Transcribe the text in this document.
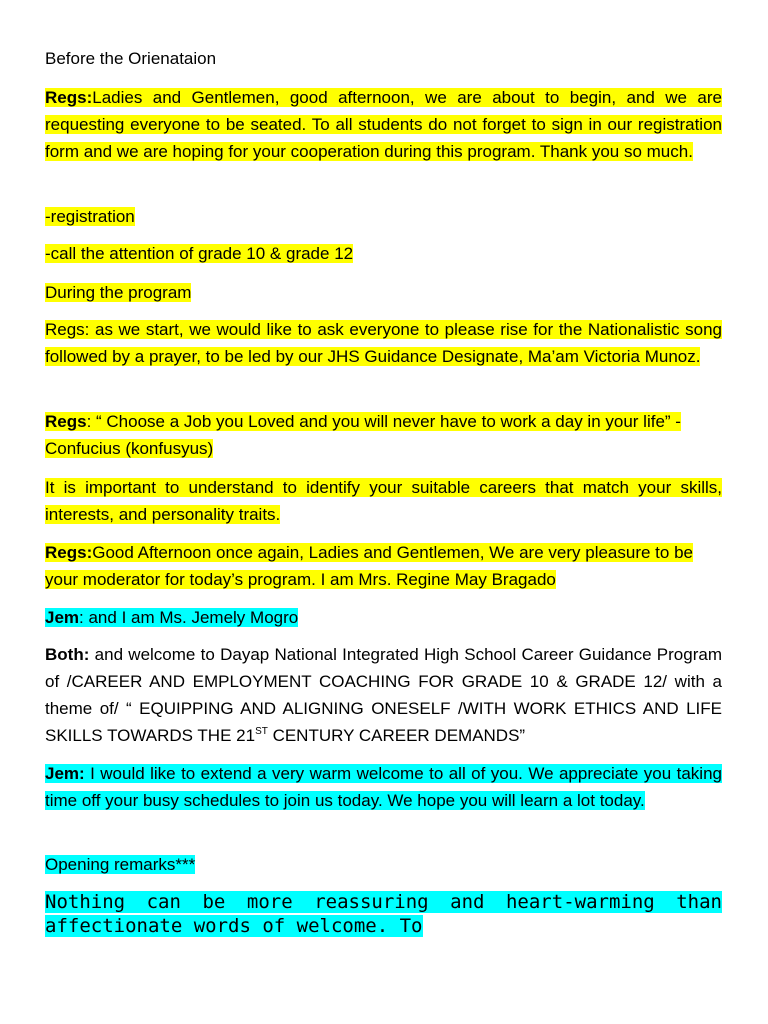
Before the Orienataion

Regs:Ladies and Gentlemen, good afternoon, we are about to begin, and we are requesting everyone to be seated. To all students do not forget to sign in our registration form and we are hoping for your cooperation during this program. Thank you so much.

-registration

-call the attention of grade 10 & grade 12

During the program

Regs: as we start, we would like to ask everyone to please rise for the Nationalistic song followed by a prayer, to be led by our JHS Guidance Designate, Ma’am Victoria Munoz.

Regs: “ Choose a Job you Loved and you will never have to work a day in your life” -Confucius (konfusyus)

It is important to understand to identify your suitable careers that match your skills, interests, and personality traits.

Regs:Good Afternoon once again, Ladies and Gentlemen, We are very pleasure to be your moderator for today’s program. I am Mrs. Regine May Bragado

Jem: and I am Ms. Jemely Mogro

Both: and welcome to Dayap National Integrated High School Career Guidance Program of /CAREER AND EMPLOYMENT COACHING FOR GRADE 10 & GRADE 12/ with a theme of/ “ EQUIPPING AND ALIGNING ONESELF /WITH WORK ETHICS AND LIFE SKILLS TOWARDS THE 21ST CENTURY CAREER DEMANDS”

Jem: I would like to extend a very warm welcome to all of you. We appreciate you taking time off your busy schedules to join us today. We hope you will learn a lot today.

Opening remarks***

Nothing can be more reassuring and heart-warming than affectionate words of welcome. To
